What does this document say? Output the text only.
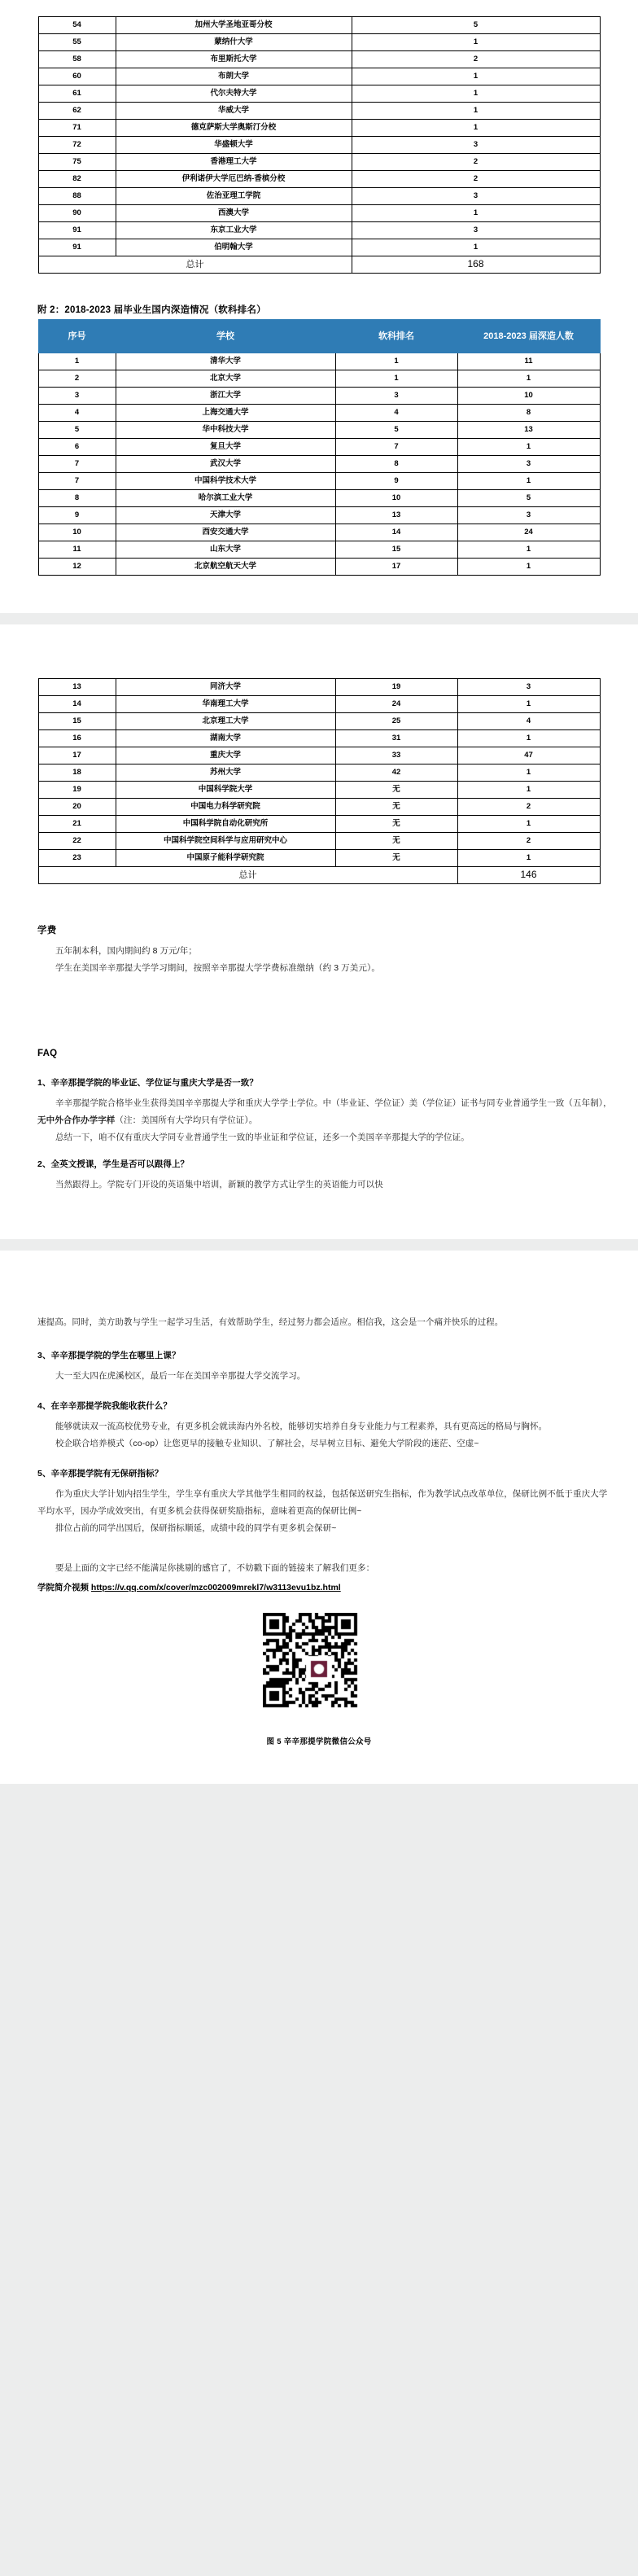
54	加州大学圣地亚哥分校	5
55	蒙纳什大学	1
58	布里斯托大学	2
60	布朗大学	1
61	代尔夫特大学	1
62	华威大学	1
71	德克萨斯大学奥斯汀分校	1
72	华盛顿大学	3
75	香港理工大学	2
82	伊利诺伊大学厄巴纳-香槟分校	2
88	佐治亚理工学院	3
90	西澳大学	1
91	东京工业大学	3
91	伯明翰大学	1
总计		168
附 2：2018-2023 届毕业生国内深造情况（软科排名）
序号	学校	软科排名	2018-2023 届深造人数
1	清华大学	1	11
2	北京大学	1	1
3	浙江大学	3	10
4	上海交通大学	4	8
5	华中科技大学	5	13
6	复旦大学	7	1
7	武汉大学	8	3
7	中国科学技术大学	9	1
8	哈尔滨工业大学	10	5
9	天津大学	13	3
10	西安交通大学	14	24
11	山东大学	15	1
12	北京航空航天大学	17	1
13	同济大学	19	3
14	华南理工大学	24	1
15	北京理工大学	25	4
16	湖南大学	31	1
17	重庆大学	33	47
18	苏州大学	42	1
19	中国科学院大学	无	1
20	中国电力科学研究院	无	2
21	中国科学院自动化研究所	无	1
22	中国科学院空间科学与应用研究中心	无	2
23	中国原子能科学研究院	无	1
总计			146
学费

五年制本科，国内期间约 8 万元/年；

学生在美国辛辛那提大学学习期间，按照辛辛那提大学学费标准缴纳（约 3 万美元）。

FAQ

1、辛辛那提学院的毕业证、学位证与重庆大学是否一致？

辛辛那提学院合格毕业生获得美国辛辛那提大学和重庆大学学士学位。中（毕业证、学位证）美（学位证）证书与同专业普通学生一致（五年制），无中外合作办学字样（注：美国所有大学均只有学位证）。

总结一下，咱不仅有重庆大学同专业普通学生一致的毕业证和学位证，还多一个美国辛辛那提大学的学位证。

2、全英文授课，学生是否可以跟得上？

当然跟得上。学院专门开设的英语集中培训，新颖的教学方式让学生的英语能力可以快

速提高。同时，美方助教与学生一起学习生活，有效帮助学生，经过努力都会适应。相信我，这会是一个痛并快乐的过程。

3、辛辛那提学院的学生在哪里上课？

大一至大四在虎溪校区，最后一年在美国辛辛那提大学交流学习。

4、在辛辛那提学院我能收获什么？

能够就读双一流高校优势专业，有更多机会就读海内外名校，能够切实培养自身专业能力与工程素养，具有更高远的格局与胸怀。

校企联合培养模式（co-op）让您更早的接触专业知识、了解社会，尽早树立目标、避免大学阶段的迷茫、空虚~

5、辛辛那提学院有无保研指标？

作为重庆大学计划内招生学生，学生享有重庆大学其他学生相同的权益，包括保送研究生指标，作为教学试点改革单位，保研比例不低于重庆大学平均水平，因办学成效突出，有更多机会获得保研奖励指标，意味着更高的保研比例~

排位占前的同学出国后，保研指标顺延，成绩中段的同学有更多机会保研~

要是上面的文字已经不能满足你挑剔的感官了，不妨戳下面的链接来了解我们更多：

学院简介视频 https://v.qq.com/x/cover/mzc002009mrekl7/w3113evu1bz.html

图 5 辛辛那提学院微信公众号
